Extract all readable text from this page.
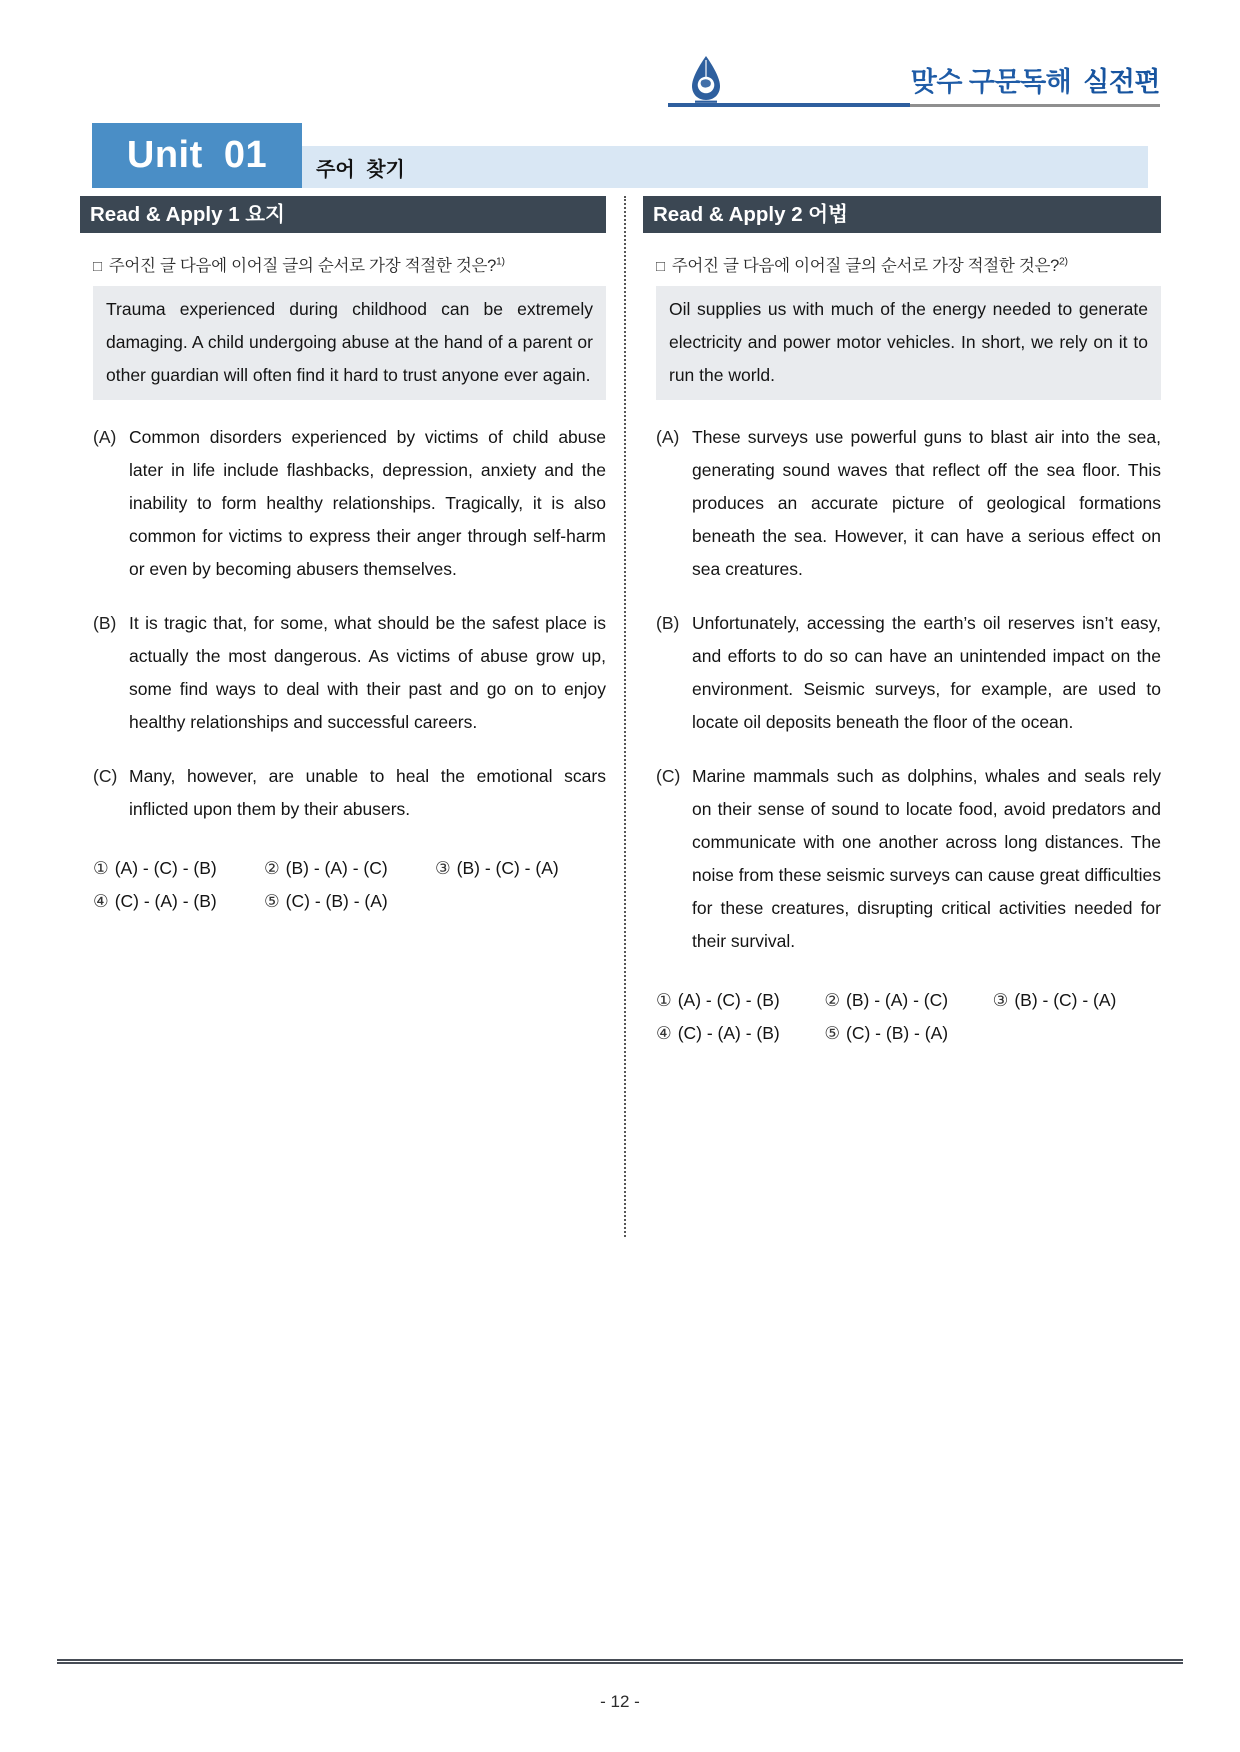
맞수 구문독해 실전편
Unit 01	주어 찾기
Read & Apply 1 요지
□ 주어진 글 다음에 이어질 글의 순서로 가장 적절한 것은?$^{1)}$
Trauma experienced during childhood can be extremely damaging. A child undergoing abuse at the hand of a parent or other guardian will often find it hard to trust anyone ever again.
(A) Common disorders experienced by victims of child abuse later in life include flashbacks, depression, anxiety and the inability to form healthy relationships. Tragically, it is also common for victims to express their anger through self-harm or even by becoming abusers themselves.
(B) It is tragic that, for some, what should be the safest place is actually the most dangerous. As victims of abuse grow up, some find ways to deal with their past and go on to enjoy healthy relationships and successful careers.
(C) Many, however, are unable to heal the emotional scars inflicted upon them by their abusers.
① (A) - (C) - (B)	② (B) - (A) - (C)	③ (B) - (C) - (A)
④ (C) - (A) - (B)	⑤ (C) - (B) - (A)
Read & Apply 2 어법
□ 주어진 글 다음에 이어질 글의 순서로 가장 적절한 것은?$^{2)}$
Oil supplies us with much of the energy needed to generate electricity and power motor vehicles. In short, we rely on it to run the world.
(A) These surveys use powerful guns to blast air into the sea, generating sound waves that reflect off the sea floor. This produces an accurate picture of geological formations beneath the sea. However, it can have a serious effect on sea creatures.
(B) Unfortunately, accessing the earth’s oil reserves isn’t easy, and efforts to do so can have an unintended impact on the environment. Seismic surveys, for example, are used to locate oil deposits beneath the floor of the ocean.
(C) Marine mammals such as dolphins, whales and seals rely on their sense of sound to locate food, avoid predators and communicate with one another across long distances. The noise from these seismic surveys can cause great difficulties for these creatures, disrupting critical activities needed for their survival.
① (A) - (C) - (B)	② (B) - (A) - (C)	③ (B) - (C) - (A)
④ (C) - (A) - (B)	⑤ (C) - (B) - (A)
- 12 -
